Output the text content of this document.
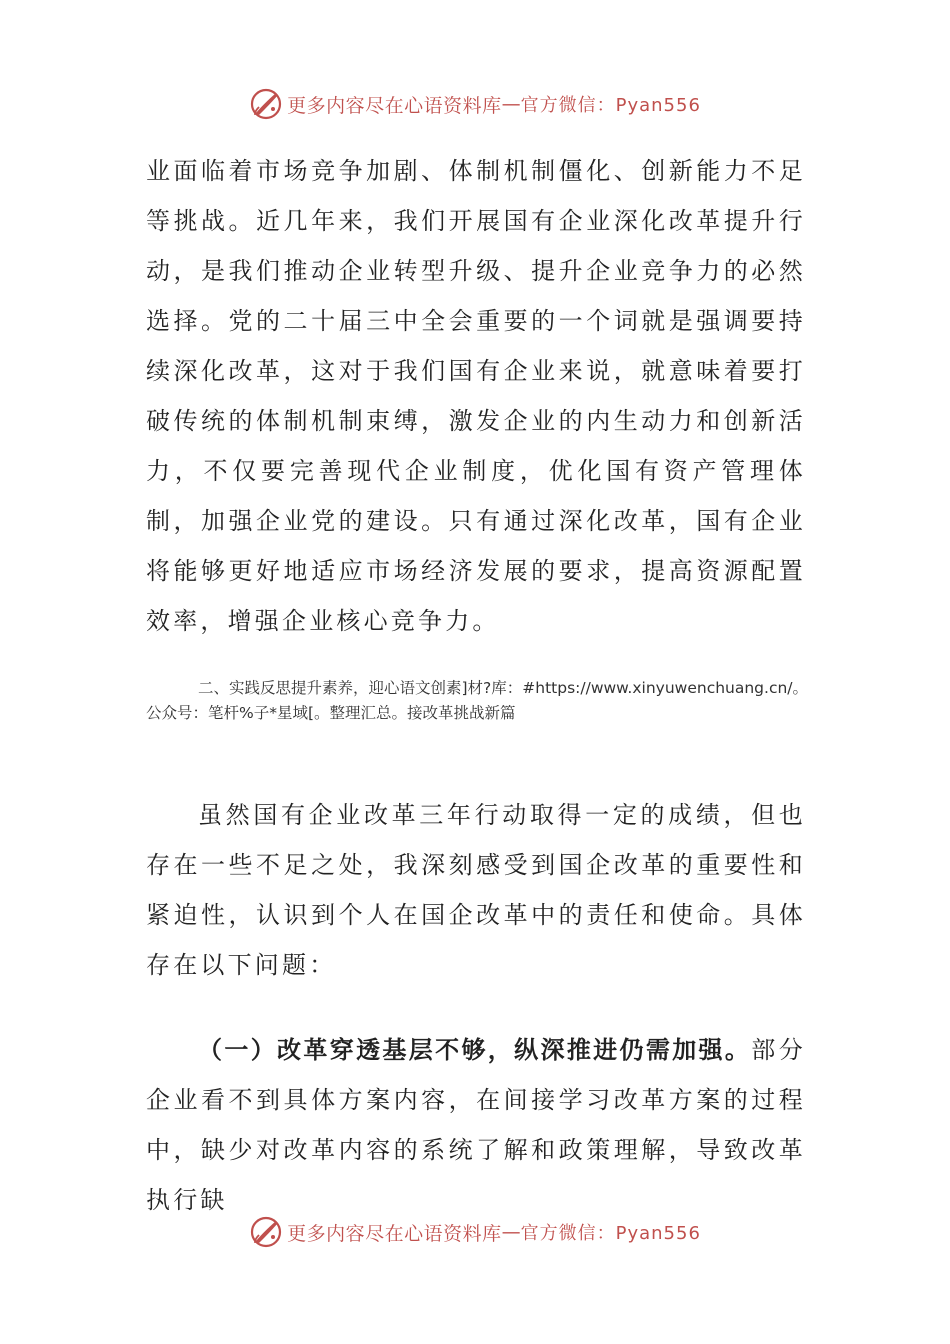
更多内容尽在心语资料库 — 官方微信：Pyan556

业面临着市场竞争加剧、体制机制僵化、创新能力不足等挑战。近几年来，我们开展国有企业深化改革提升行动，是我们推动企业转型升级、提升企业竞争力的必然选择。党的二十届三中全会重要的一个词就是强调要持续深化改革，这对于我们国有企业来说，就意味着要打破传统的体制机制束缚，激发企业的内生动力和创新活力，不仅要完善现代企业制度，优化国有资产管理体制，加强企业党的建设。只有通过深化改革，国有企业将能够更好地适应市场经济发展的要求，提高资源配置效率，增强企业核心竞争力。

二、实践反思提升素养，迎心语文创素]材?库：#https://www.xinyuwenchuang.cn/。公众号：笔杆%子*星域[。整理汇总。接改革挑战新篇

虽然国有企业改革三年行动取得一定的成绩，但也存在一些不足之处，我深刻感受到国企改革的重要性和紧迫性，认识到个人在国企改革中的责任和使命。具体存在以下问题：

（一）改革穿透基层不够，纵深推进仍需加强。部分企业看不到具体方案内容，在间接学习改革方案的过程中，缺少对改革内容的系统了解和政策理解，导致改革执行缺

更多内容尽在心语资料库 — 官方微信：Pyan556
